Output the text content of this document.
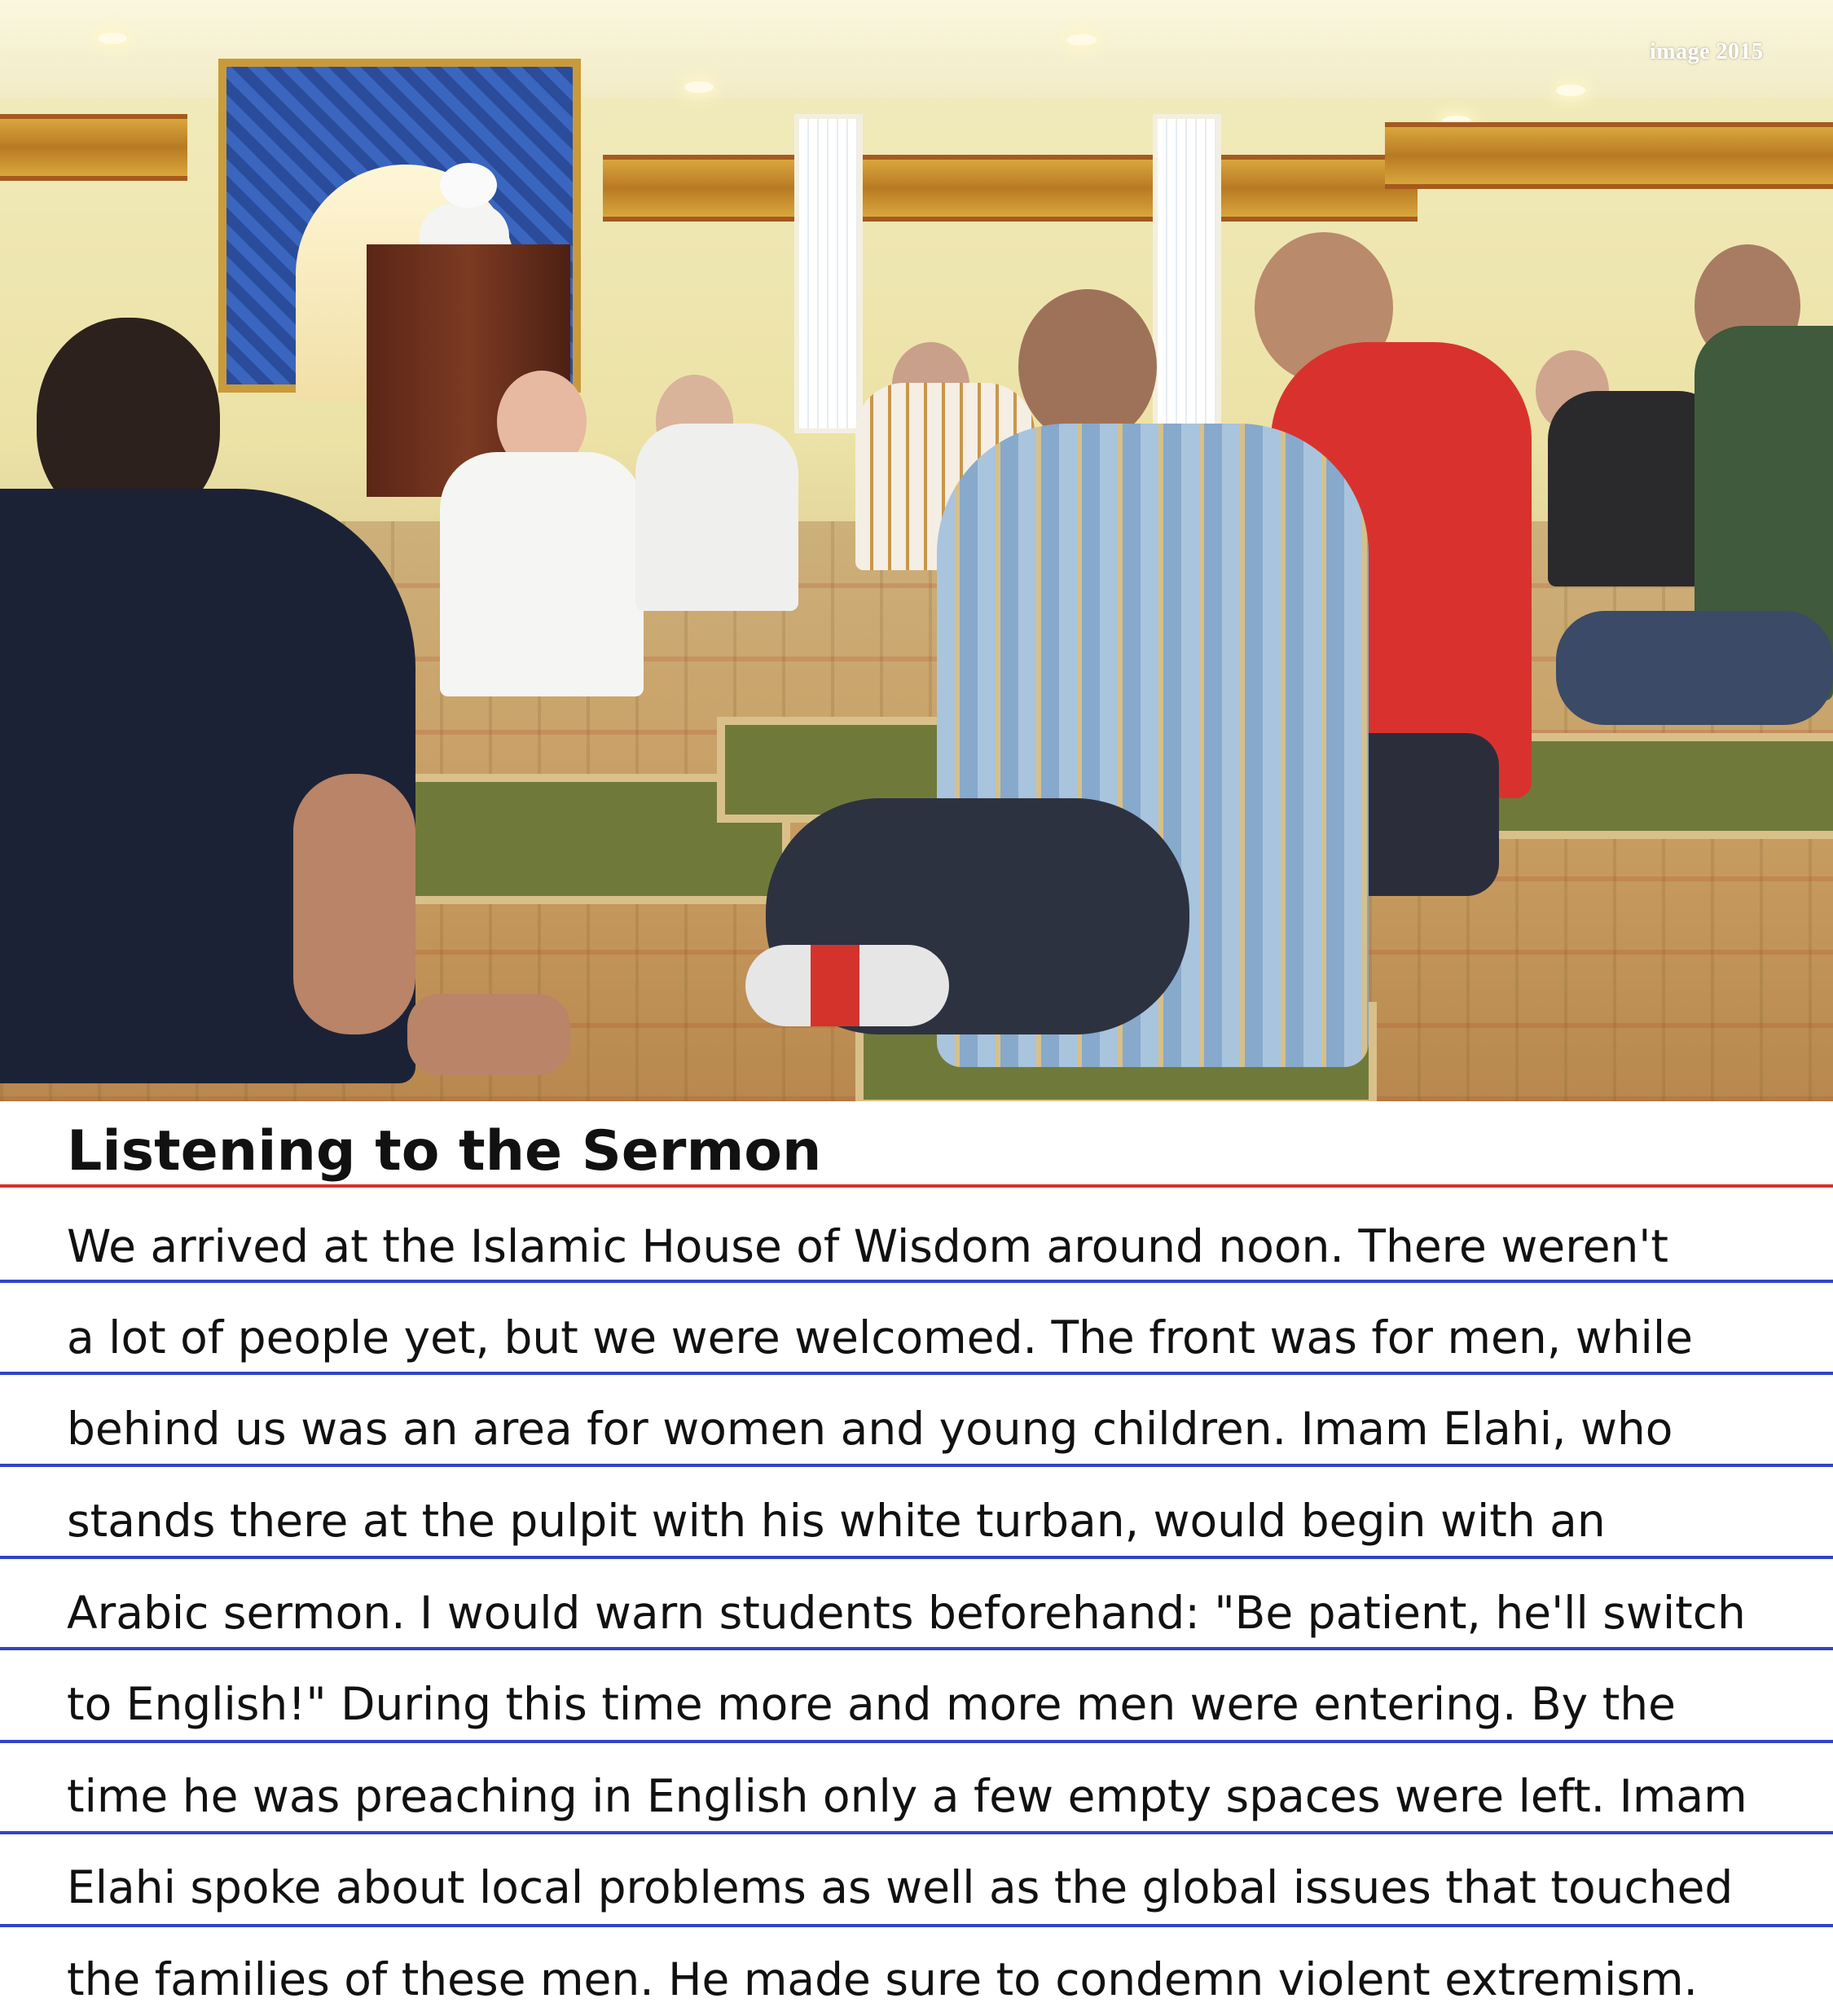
image 2015
Listening to the Sermon

We arrived at the Islamic House of Wisdom around noon. There weren't

a lot of people yet, but we were welcomed. The front was for men, while

behind us was an area for women and young children. Imam Elahi, who

stands there at the pulpit with his white turban, would begin with an

Arabic sermon. I would warn students beforehand: "Be patient, he'll switch

to English!" During this time more and more men were entering. By the

time he was preaching in English only a few empty spaces were left. Imam

Elahi spoke about local problems as well as the global issues that touched

the families of these men. He made sure to condemn violent extremism.
